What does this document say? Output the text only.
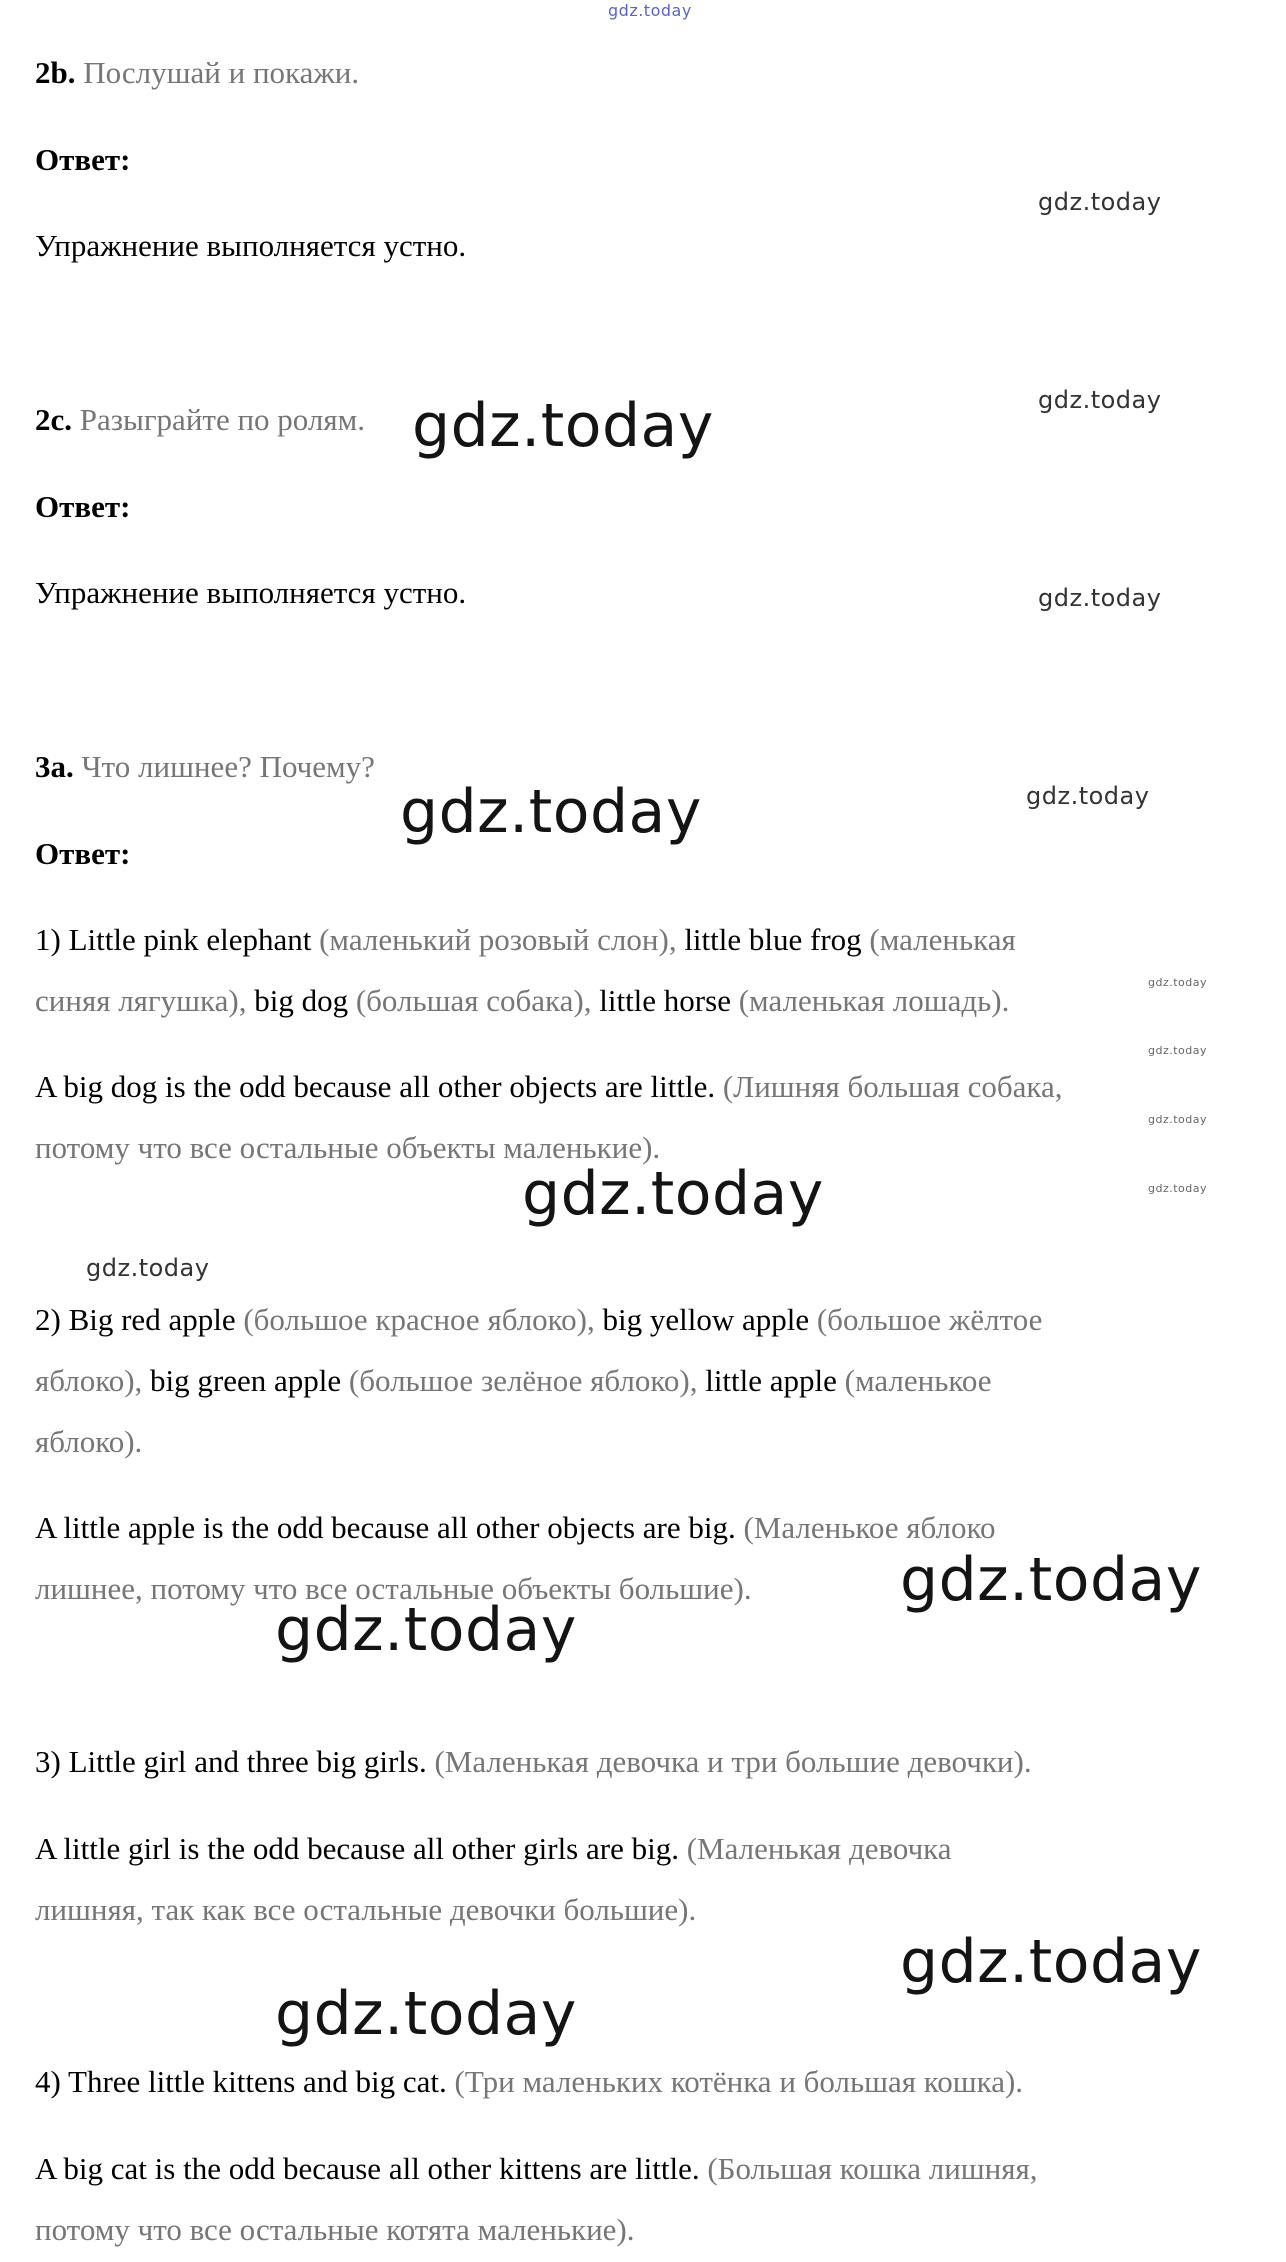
gdz.today
2b. Послушай и покажи.
Ответ:
Упражнение выполняется устно.
2c. Разыграйте по ролям.
Ответ:
Упражнение выполняется устно.
3a. Что лишнее? Почему?
Ответ:
1) Little pink elephant (маленький розовый слон), little blue frog (маленькая
синяя лягушка), big dog (большая собака), little horse (маленькая лошадь).
A big dog is the odd because all other objects are little. (Лишняя большая собака,
потому что все остальные объекты маленькие).
2) Big red apple (большое красное яблоко), big yellow apple (большое жёлтое
яблоко), big green apple (большое зелёное яблоко), little apple (маленькое
яблоко).
A little apple is the odd because all other objects are big. (Маленькое яблоко
лишнее, потому что все остальные объекты большие).
3) Little girl and three big girls. (Маленькая девочка и три большие девочки).
A little girl is the odd because all other girls are big. (Маленькая девочка
лишняя, так как все остальные девочки большие).
4) Three little kittens and big cat. (Три маленьких котёнка и большая кошка).
A big cat is the odd because all other kittens are little. (Большая кошка лишняя,
потому что все остальные котята маленькие).
gdz.today
gdz.today
gdz.today
gdz.today
gdz.today
gdz.today
gdz.today
gdz.today
gdz.today
gdz.today
gdz.today
gdz.today
gdz.today
gdz.today
gdz.today
gdz.today
